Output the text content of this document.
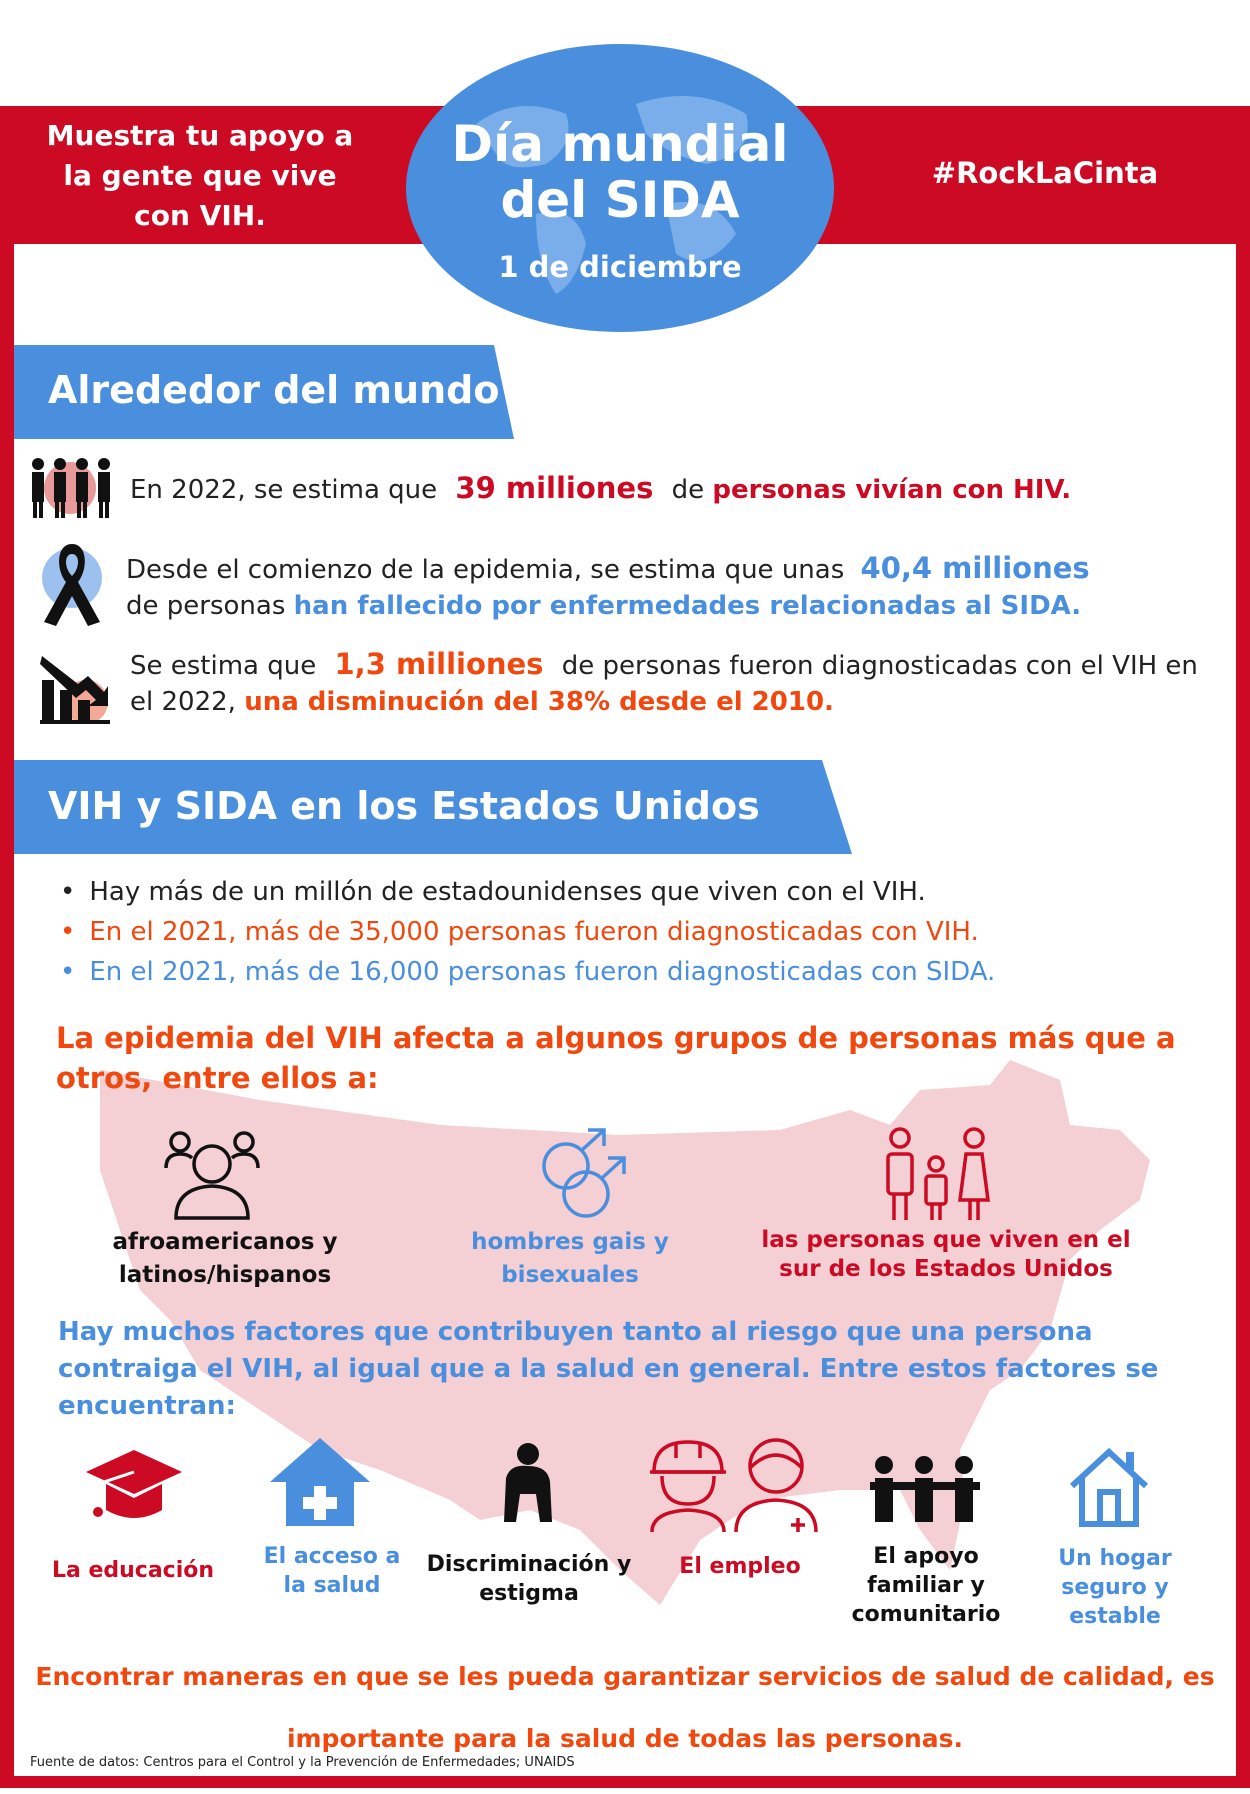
Muestra tu apoyo a la gente que vive con VIH.
#RockLaCinta
Día mundial
del SIDA
1 de diciembre
Alrededor del mundo
En 2022, se estima que 39 milliones de personas vivían con HIV.
Desde el comienzo de la epidemia, se estima que unas 40,4 milliones
de personas han fallecido por enfermedades relacionadas al SIDA.
Se estima que 1,3 milliones de personas fueron diagnosticadas con el VIH en el 2022, una disminución del 38% desde el 2010.
VIH y SIDA en los Estados Unidos
• Hay más de un millón de estadounidenses que viven con el VIH.
• En el 2021, más de 35,000 personas fueron diagnosticadas con VIH.
• En el 2021, más de 16,000 personas fueron diagnosticadas con SIDA.
La epidemia del VIH afecta a algunos grupos de personas más que a otros, entre ellos a:
afroamericanos y latinos/hispanos
hombres gais y bisexuales
las personas que viven en el sur de los Estados Unidos
Hay muchos factores que contribuyen tanto al riesgo que una persona contraiga el VIH, al igual que a la salud en general. Entre estos factores se encuentran:
La educación
El acceso a la salud
Discriminación y estigma
El empleo	El apoyo familiar y comunitario
Un hogar seguro y estable
Encontrar maneras en que se les pueda garantizar servicios de salud de calidad, es importante para la salud de todas las personas.
Fuente de datos: Centros para el Control y la Prevención de Enfermedades; UNAIDS
